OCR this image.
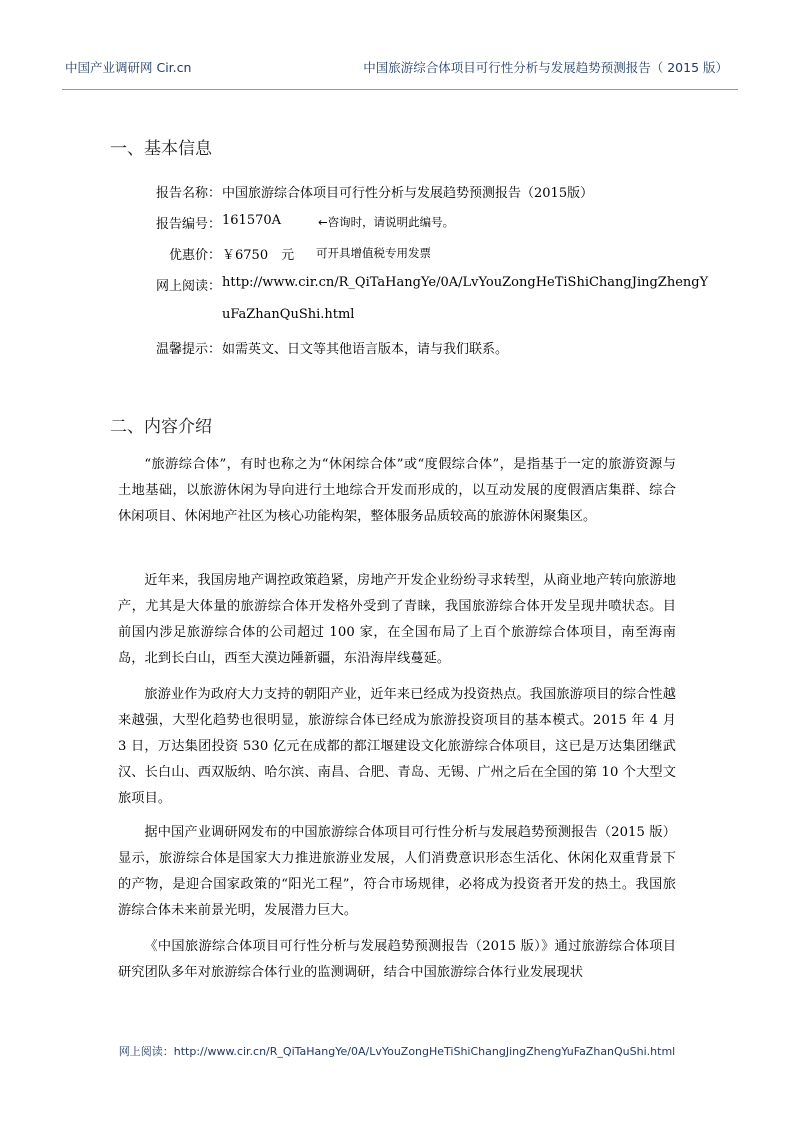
中国产业调研网 Cir.cn	中国旅游综合体项目可行性分析与发展趋势预测报告（ 2015 版）
一、基本信息
报告名称 ： 中国旅游综合体项目可行性分析与发展趋势预测报告（2015版）
报告编号 ： 161570A	←咨询时，请说明此编号。
优惠价 ： ￥6750　元 可开具增值税专用发票
网上阅读 ： http://www.cir.cn/R_QiTaHangYe/0A/LvYouZongHeTiShiChangJingZhengY
uFaZhanQuShi.html
温馨提示 ： 如需英文、日文等其他语言版本，请与我们联系。
二、内容介绍

“旅游综合体”，有时也称之为“休闲综合体”或“度假综合体”，是指基于一定的旅游资源与土地基础，以旅游休闲为导向进行土地综合开发而形成的，以互动发展的度假酒店集群、综合休闲项目、休闲地产社区为核心功能构架，整体服务品质较高的旅游休闲聚集区。

近年来，我国房地产调控政策趋紧，房地产开发企业纷纷寻求转型，从商业地产转向旅游地产，尤其是大体量的旅游综合体开发格外受到了青睐，我国旅游综合体开发呈现井喷状态。目前国内涉足旅游综合体的公司超过 100 家，在全国布局了上百个旅游综合体项目，南至海南岛，北到长白山，西至大漠边陲新疆，东沿海岸线蔓延。

旅游业作为政府大力支持的朝阳产业，近年来已经成为投资热点。我国旅游项目的综合性越来越强，大型化趋势也很明显，旅游综合体已经成为旅游投资项目的基本模式。2015 年 4 月 3 日，万达集团投资 530 亿元在成都的都江堰建设文化旅游综合体项目，这已是万达集团继武汉、长白山、西双版纳、哈尔滨、南昌、合肥、青岛、无锡、广州之后在全国的第 10 个大型文旅项目。

据中国产业调研网发布的中国旅游综合体项目可行性分析与发展趋势预测报告（2015 版）显示，旅游综合体是国家大力推进旅游业发展，人们消费意识形态生活化、休闲化双重背景下的产物，是迎合国家政策的“阳光工程”，符合市场规律，必将成为投资者开发的热土。我国旅游综合体未来前景光明，发展潜力巨大。

《中国旅游综合体项目可行性分析与发展趋势预测报告（2015 版）》通过旅游综合体项目研究团队多年对旅游综合体行业的监测调研，结合中国旅游综合体行业发展现状

网上阅读：http://www.cir.cn/R_QiTaHangYe/0A/LvYouZongHeTiShiChangJingZhengYuFaZhanQuShi.html
